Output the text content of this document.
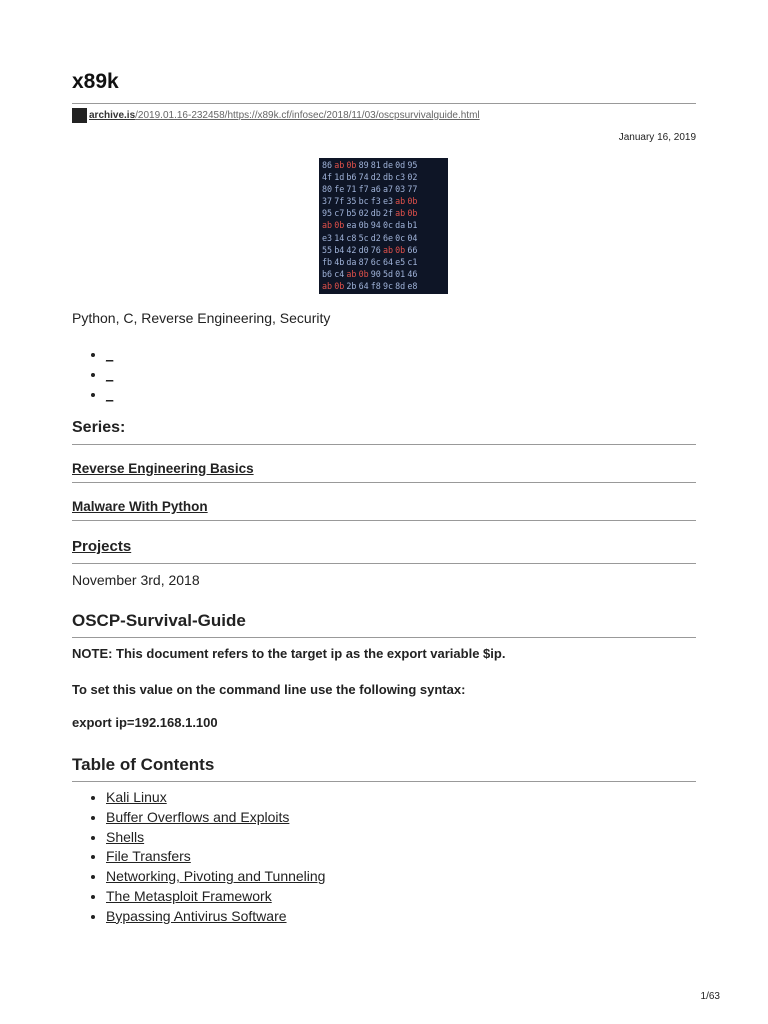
x89k
archive.is /2019.01.16-232458/https://x89k.cf/infosec/2018/11/03/oscpsurvivalguide.html
January 16, 2019
86 ab 0b 89 81 de 0d 95
4f 1d b6 74 d2 db c3 02
80 fe 71 f7 a6 a7 03 77
37 7f 35 bc f3 e3 ab 0b
95 c7 b5 02 db 2f ab 0b
ab 0b ea 0b 94 0c da b1
e3 14 c8 5c d2 6e 0c 04
55 b4 42 d0 76 ab 0b 66
fb 4b da 87 6c 64 e5 c1
b6 c4 ab 0b 90 5d 01 46
ab 0b 2b 64 f8 9c 8d e8
Python, C, Reverse Engineering, Security
• _
• _
• _
Series:
Reverse Engineering Basics
Malware With Python
Projects
November 3rd, 2018
OSCP-Survival-Guide
NOTE: This document refers to the target ip as the export variable $ip.
To set this value on the command line use the following syntax:
export ip=192.168.1.100
Table of Contents
• Kali Linux
• Buffer Overflows and Exploits
• Shells
• File Transfers
• Networking, Pivoting and Tunneling
• The Metasploit Framework
• Bypassing Antivirus Software
1/63
